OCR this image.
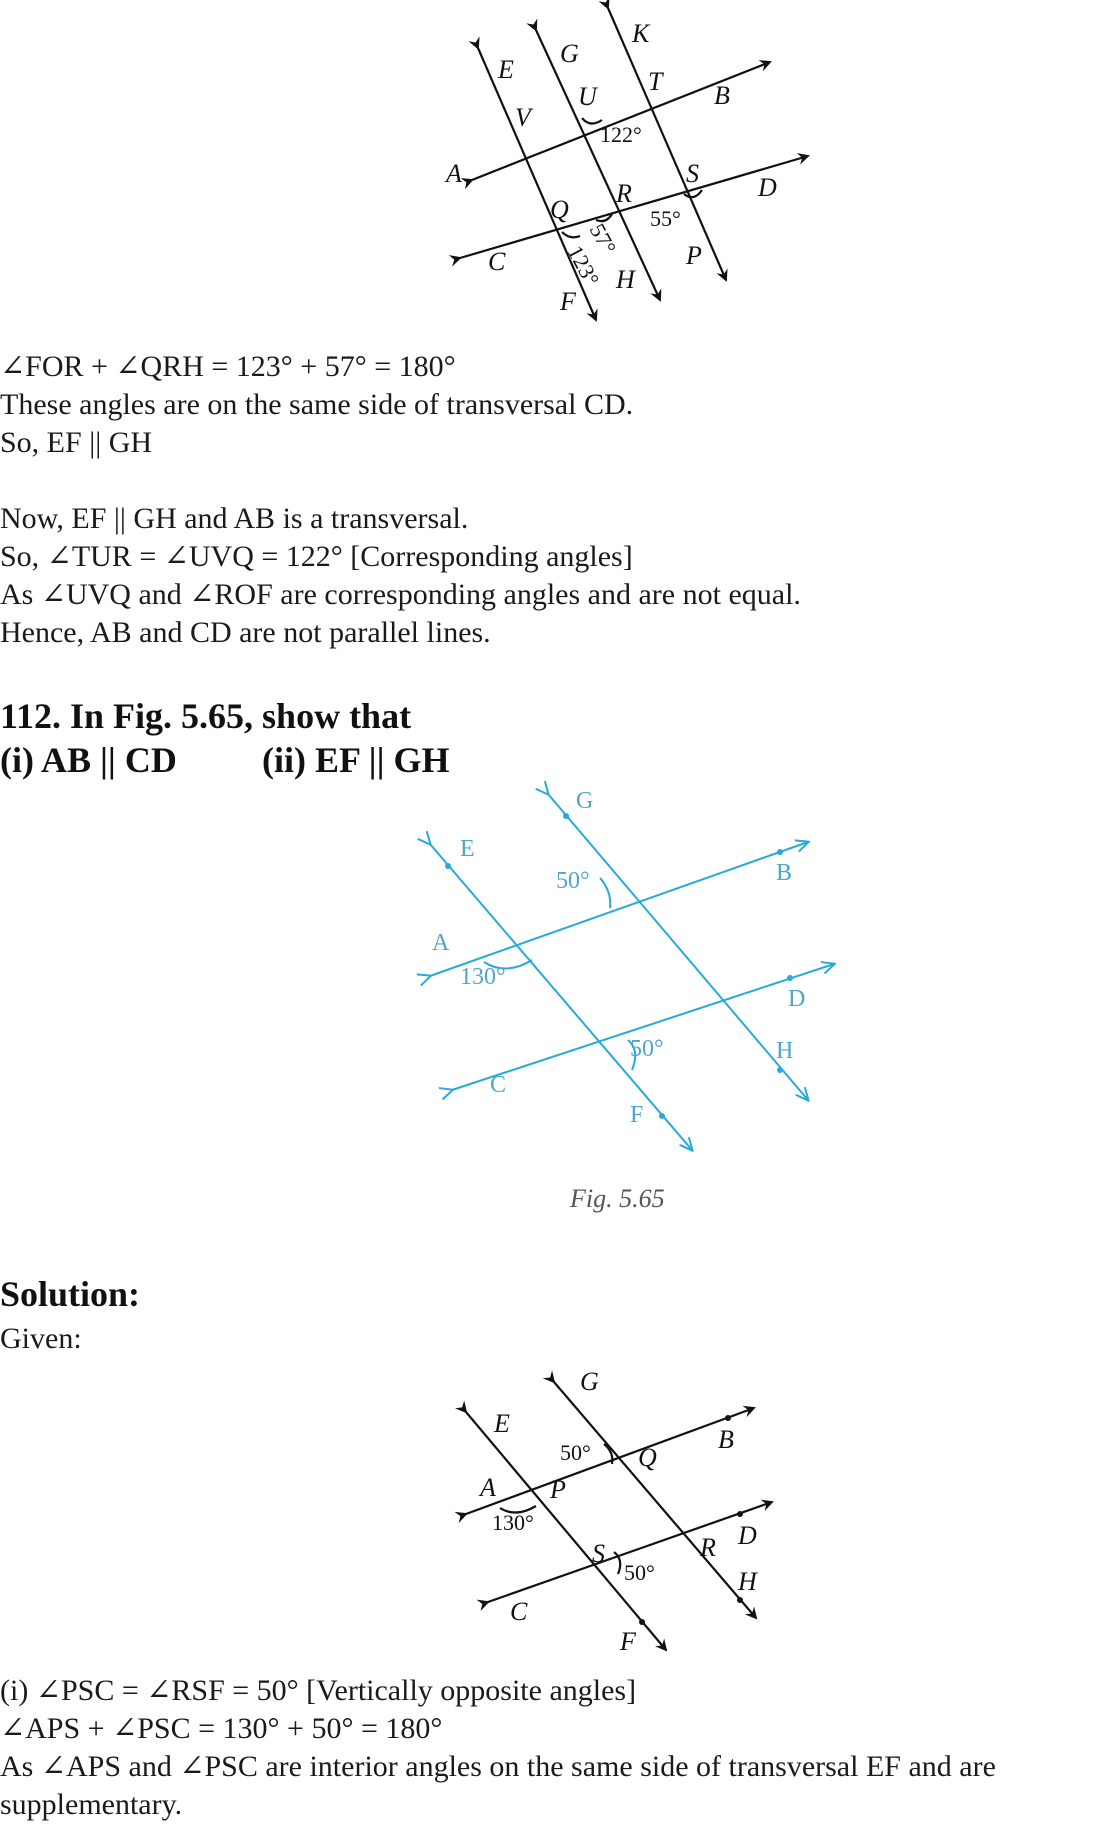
E
G
K
V
U
T B
A	S D
R
Q
C	P
H
F
122°
55°
57°
123°
∠FOR + ∠QRH = 123° + 57° = 180°
These angles are on the same side of transversal CD.
So, EF || GH
Now, EF || GH and AB is a transversal.
So, ∠TUR = ∠UVQ = 122° [Corresponding angles]
As ∠UVQ and ∠ROF are corresponding angles and are not equal.
Hence, AB and CD are not parallel lines.
112. In Fig. 5.65, show that
(i) AB || CD (ii) EF || GH
G
E
B
A
D
H
C
F
50°
130°
50°
Fig. 5.65
Solution:
Given:
G
E
B
Q
A P
D
R
S
H
C
F
50°
130°
50°
(i) ∠PSC = ∠RSF = 50° [Vertically opposite angles]
∠APS + ∠PSC = 130° + 50° = 180°
As ∠APS and ∠PSC are interior angles on the same side of transversal EF and are
supplementary.
